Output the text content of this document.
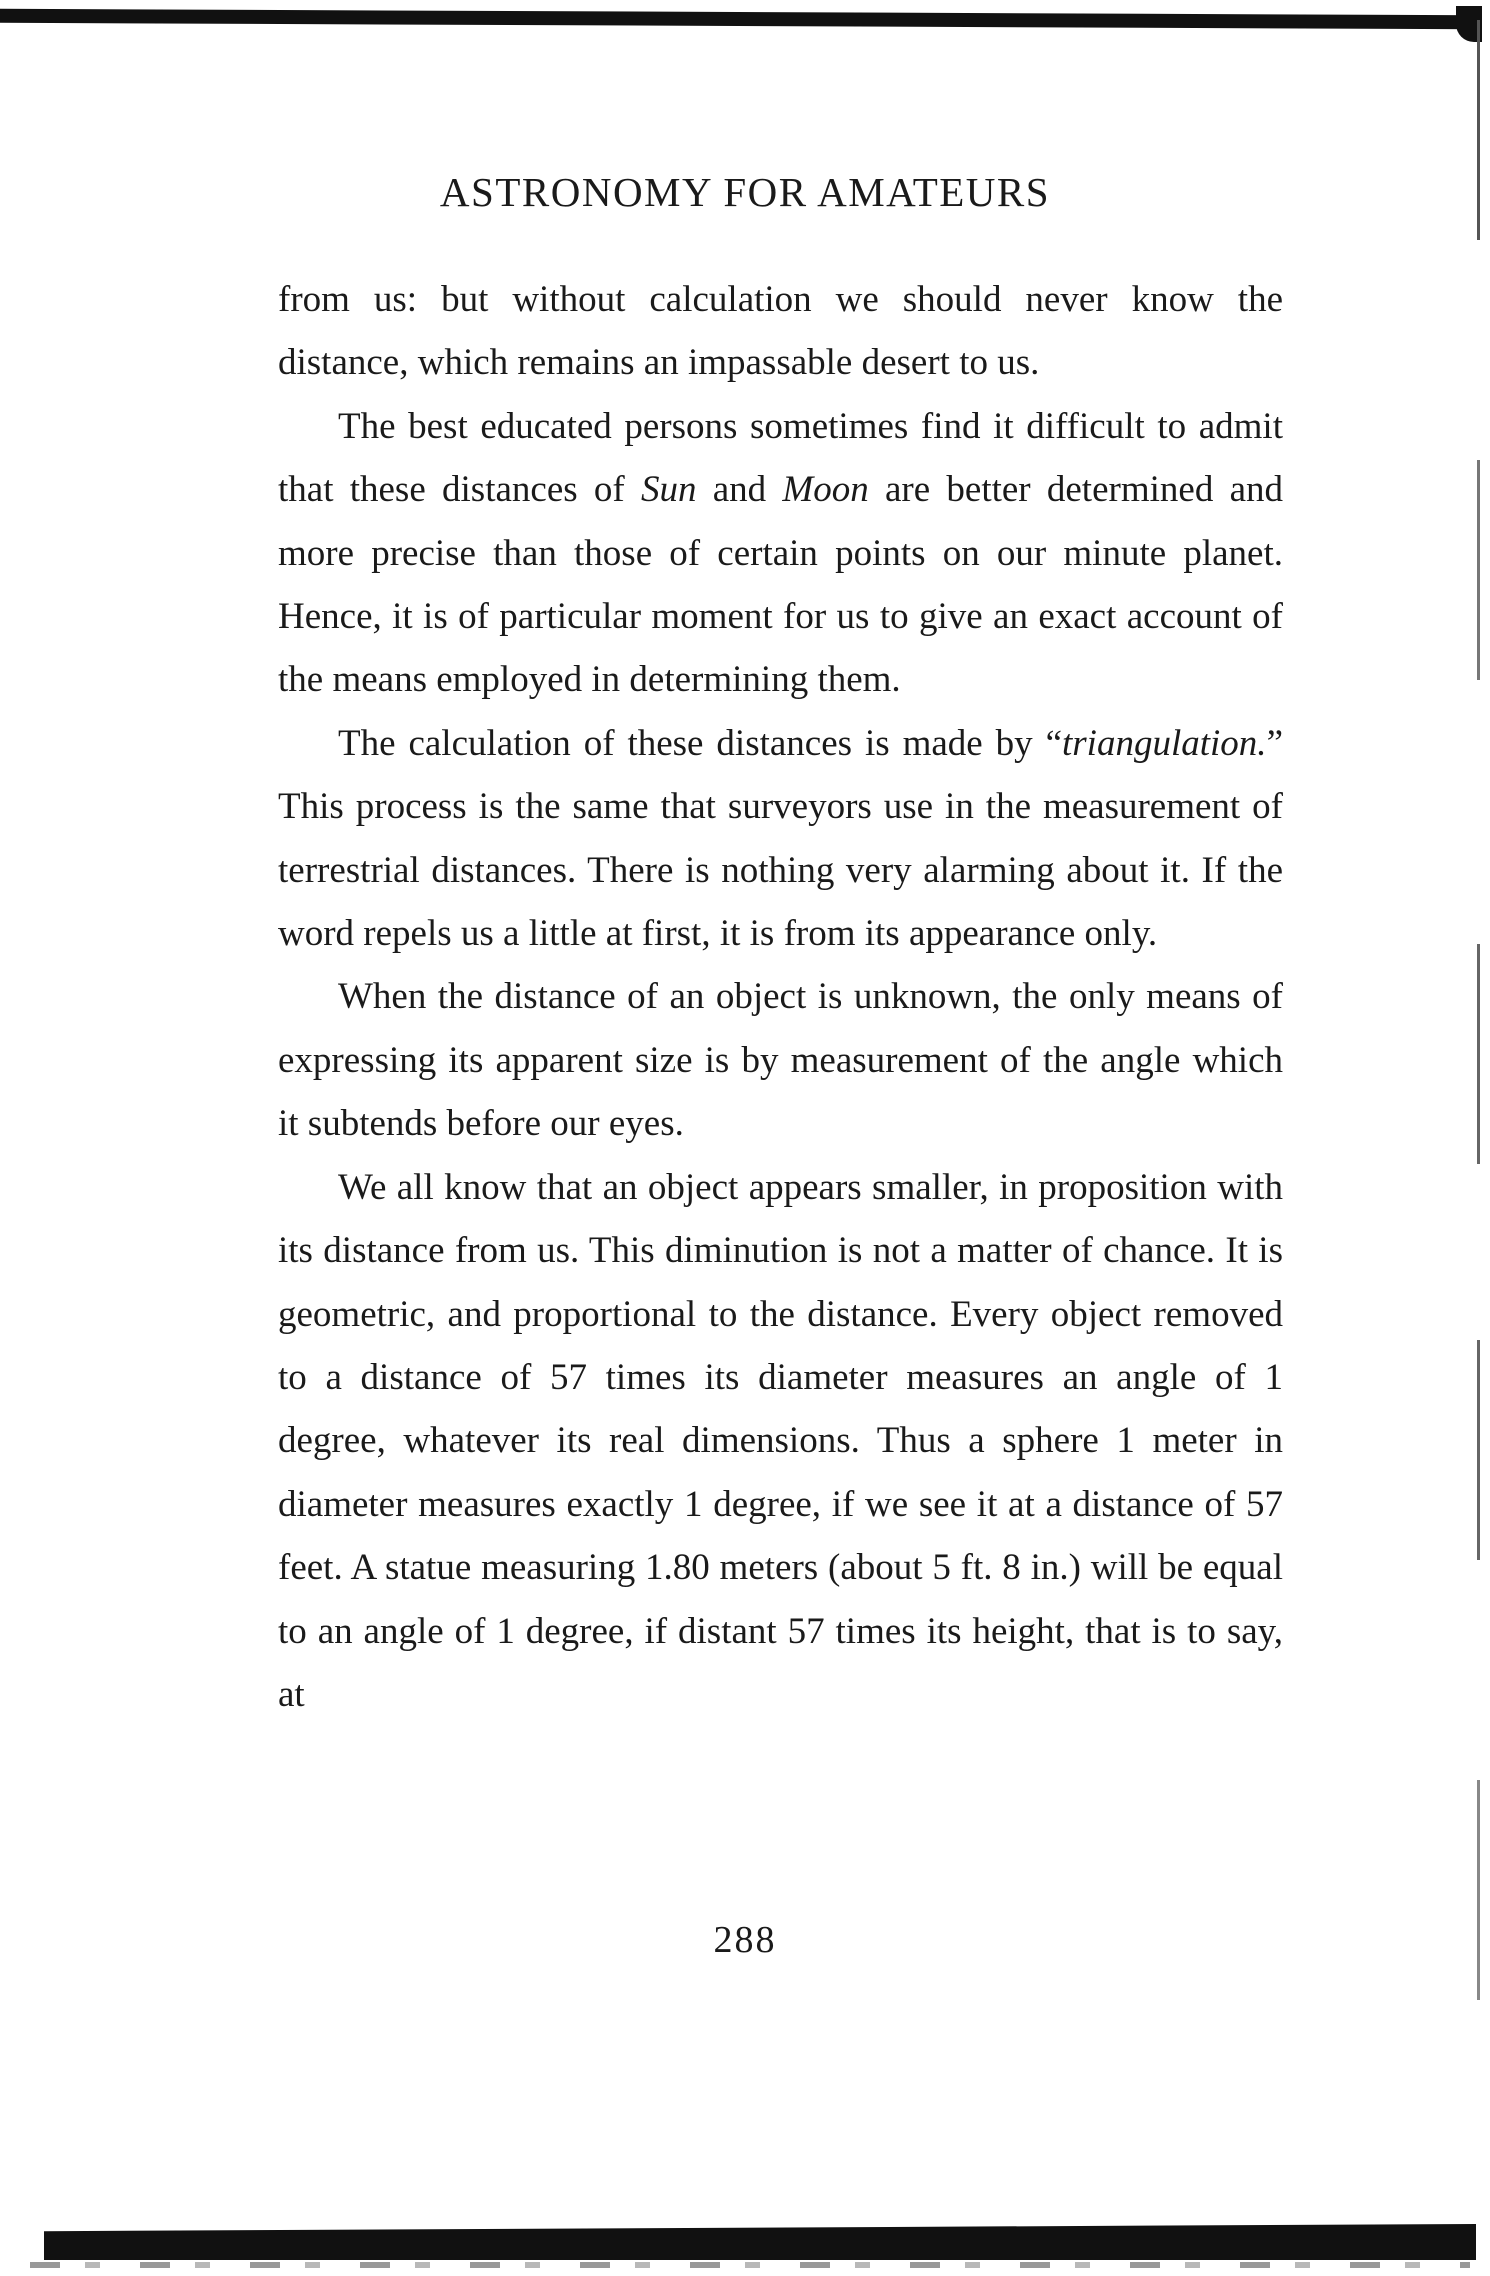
ASTRONOMY FOR AMATEURS

from us: but without calculation we should never know the distance, which remains an impassable desert to us.

The best educated persons sometimes find it difficult to admit that these distances of Sun and Moon are better determined and more precise than those of certain points on our minute planet. Hence, it is of particular moment for us to give an exact account of the means employed in determining them.

The calculation of these distances is made by “triangulation.” This process is the same that surveyors use in the measurement of terrestrial distances. There is nothing very alarming about it. If the word repels us a little at first, it is from its appearance only.

When the distance of an object is unknown, the only means of expressing its apparent size is by measurement of the angle which it subtends before our eyes.

We all know that an object appears smaller, in proposition with its distance from us. This diminution is not a matter of chance. It is geometric, and proportional to the distance. Every object removed to a distance of 57 times its diameter measures an angle of 1 degree, whatever its real dimensions. Thus a sphere 1 meter in diameter measures exactly 1 degree, if we see it at a distance of 57 feet. A statue measuring 1.80 meters (about 5 ft. 8 in.) will be equal to an angle of 1 degree, if distant 57 times its height, that is to say, at

288
